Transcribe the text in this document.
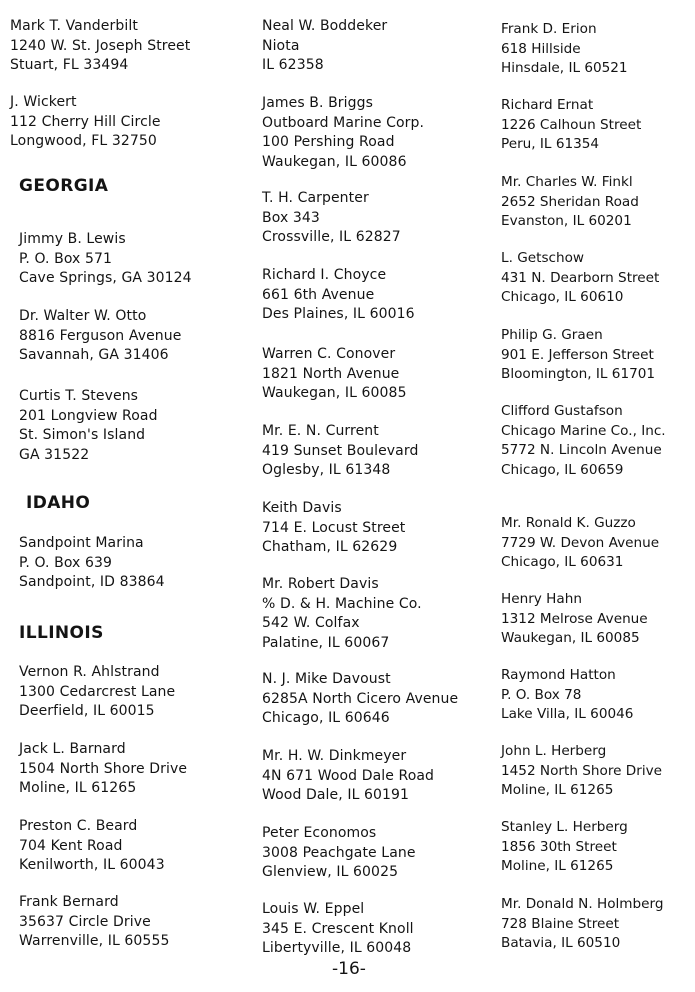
Mark T. Vanderbilt
1240 W. St. Joseph Street
Stuart, FL 33494
J. Wickert
112 Cherry Hill Circle
Longwood, FL 32750
GEORGIA
Jimmy B. Lewis
P. O. Box 571
Cave Springs, GA 30124
Dr. Walter W. Otto
8816 Ferguson Avenue
Savannah, GA 31406
Curtis T. Stevens
201 Longview Road
St. Simon's Island
GA 31522
IDAHO
Sandpoint Marina
P. O. Box 639
Sandpoint, ID 83864
ILLINOIS
Vernon R. Ahlstrand
1300 Cedarcrest Lane
Deerfield, IL 60015
Jack L. Barnard
1504 North Shore Drive
Moline, IL 61265
Preston C. Beard
704 Kent Road
Kenilworth, IL 60043
Frank Bernard
35637 Circle Drive
Warrenville, IL 60555
Neal W. Boddeker
Niota
IL 62358
James B. Briggs
Outboard Marine Corp.
100 Pershing Road
Waukegan, IL 60086
T. H. Carpenter
Box 343
Crossville, IL 62827
Richard I. Choyce
661 6th Avenue
Des Plaines, IL 60016
Warren C. Conover
1821 North Avenue
Waukegan, IL 60085
Mr. E. N. Current
419 Sunset Boulevard
Oglesby, IL 61348
Keith Davis
714 E. Locust Street
Chatham, IL 62629
Mr. Robert Davis
% D. & H. Machine Co.
542 W. Colfax
Palatine, IL 60067
N. J. Mike Davoust
6285A North Cicero Avenue
Chicago, IL 60646
Mr. H. W. Dinkmeyer
4N 671 Wood Dale Road
Wood Dale, IL 60191
Peter Economos
3008 Peachgate Lane
Glenview, IL 60025
Louis W. Eppel
345 E. Crescent Knoll
Libertyville, IL 60048
Frank D. Erion
618 Hillside
Hinsdale, IL 60521
Richard Ernat
1226 Calhoun Street
Peru, IL 61354
Mr. Charles W. Finkl
2652 Sheridan Road
Evanston, IL 60201
L. Getschow
431 N. Dearborn Street
Chicago, IL 60610
Philip G. Graen
901 E. Jefferson Street
Bloomington, IL 61701
Clifford Gustafson
Chicago Marine Co., Inc.
5772 N. Lincoln Avenue
Chicago, IL 60659
Mr. Ronald K. Guzzo
7729 W. Devon Avenue
Chicago, IL 60631
Henry Hahn
1312 Melrose Avenue
Waukegan, IL 60085
Raymond Hatton
P. O. Box 78
Lake Villa, IL 60046
John L. Herberg
1452 North Shore Drive
Moline, IL 61265
Stanley L. Herberg
1856 30th Street
Moline, IL 61265
Mr. Donald N. Holmberg
728 Blaine Street
Batavia, IL 60510
-16-
